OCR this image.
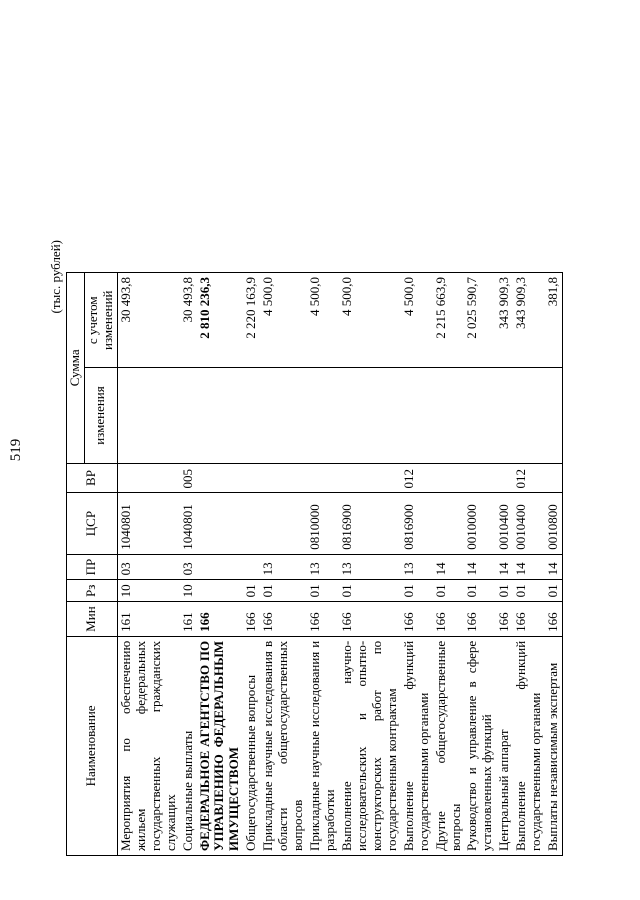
519
(тыс. рублей)
Наименование	Мин	Рз	ПР	ЦСР	ВР	Сумма	
						изменения	с учетом изменений
Мероприятия по обеспечению жильем федеральных государственных гражданских служащих	161	10	03	1040801			30 493,8
Социальные выплаты	161	10	03	1040801	005		30 493,8
ФЕДЕРАЛЬНОЕ АГЕНТСТВО ПО УПРАВЛЕНИЮ ФЕДЕРАЛЬНЫМ ИМУЩЕСТВОМ	166						2 810 236,3
Общегосударственные вопросы	166	01					2 220 163,9
Прикладные научные исследования в области общегосударственных вопросов	166	01	13				4 500,0
Прикладные научные исследования и разработки	166	01	13	0810000			4 500,0
Выполнение научно-исследовательских и опытно-конструкторских работ по государственным контрактам	166	01	13	0816900			4 500,0
Выполнение функций государственными органами	166	01	13	0816900	012		4 500,0
Другие общегосударственные вопросы	166	01	14				2 215 663,9
Руководство и управление в сфере установленных функций	166	01	14	0010000			2 025 590,7
Центральный аппарат	166	01	14	0010400			343 909,3
Выполнение функций государственными органами	166	01	14	0010400	012		343 909,3
Выплаты независимым экспертам	166	01	14	0010800			381,8
